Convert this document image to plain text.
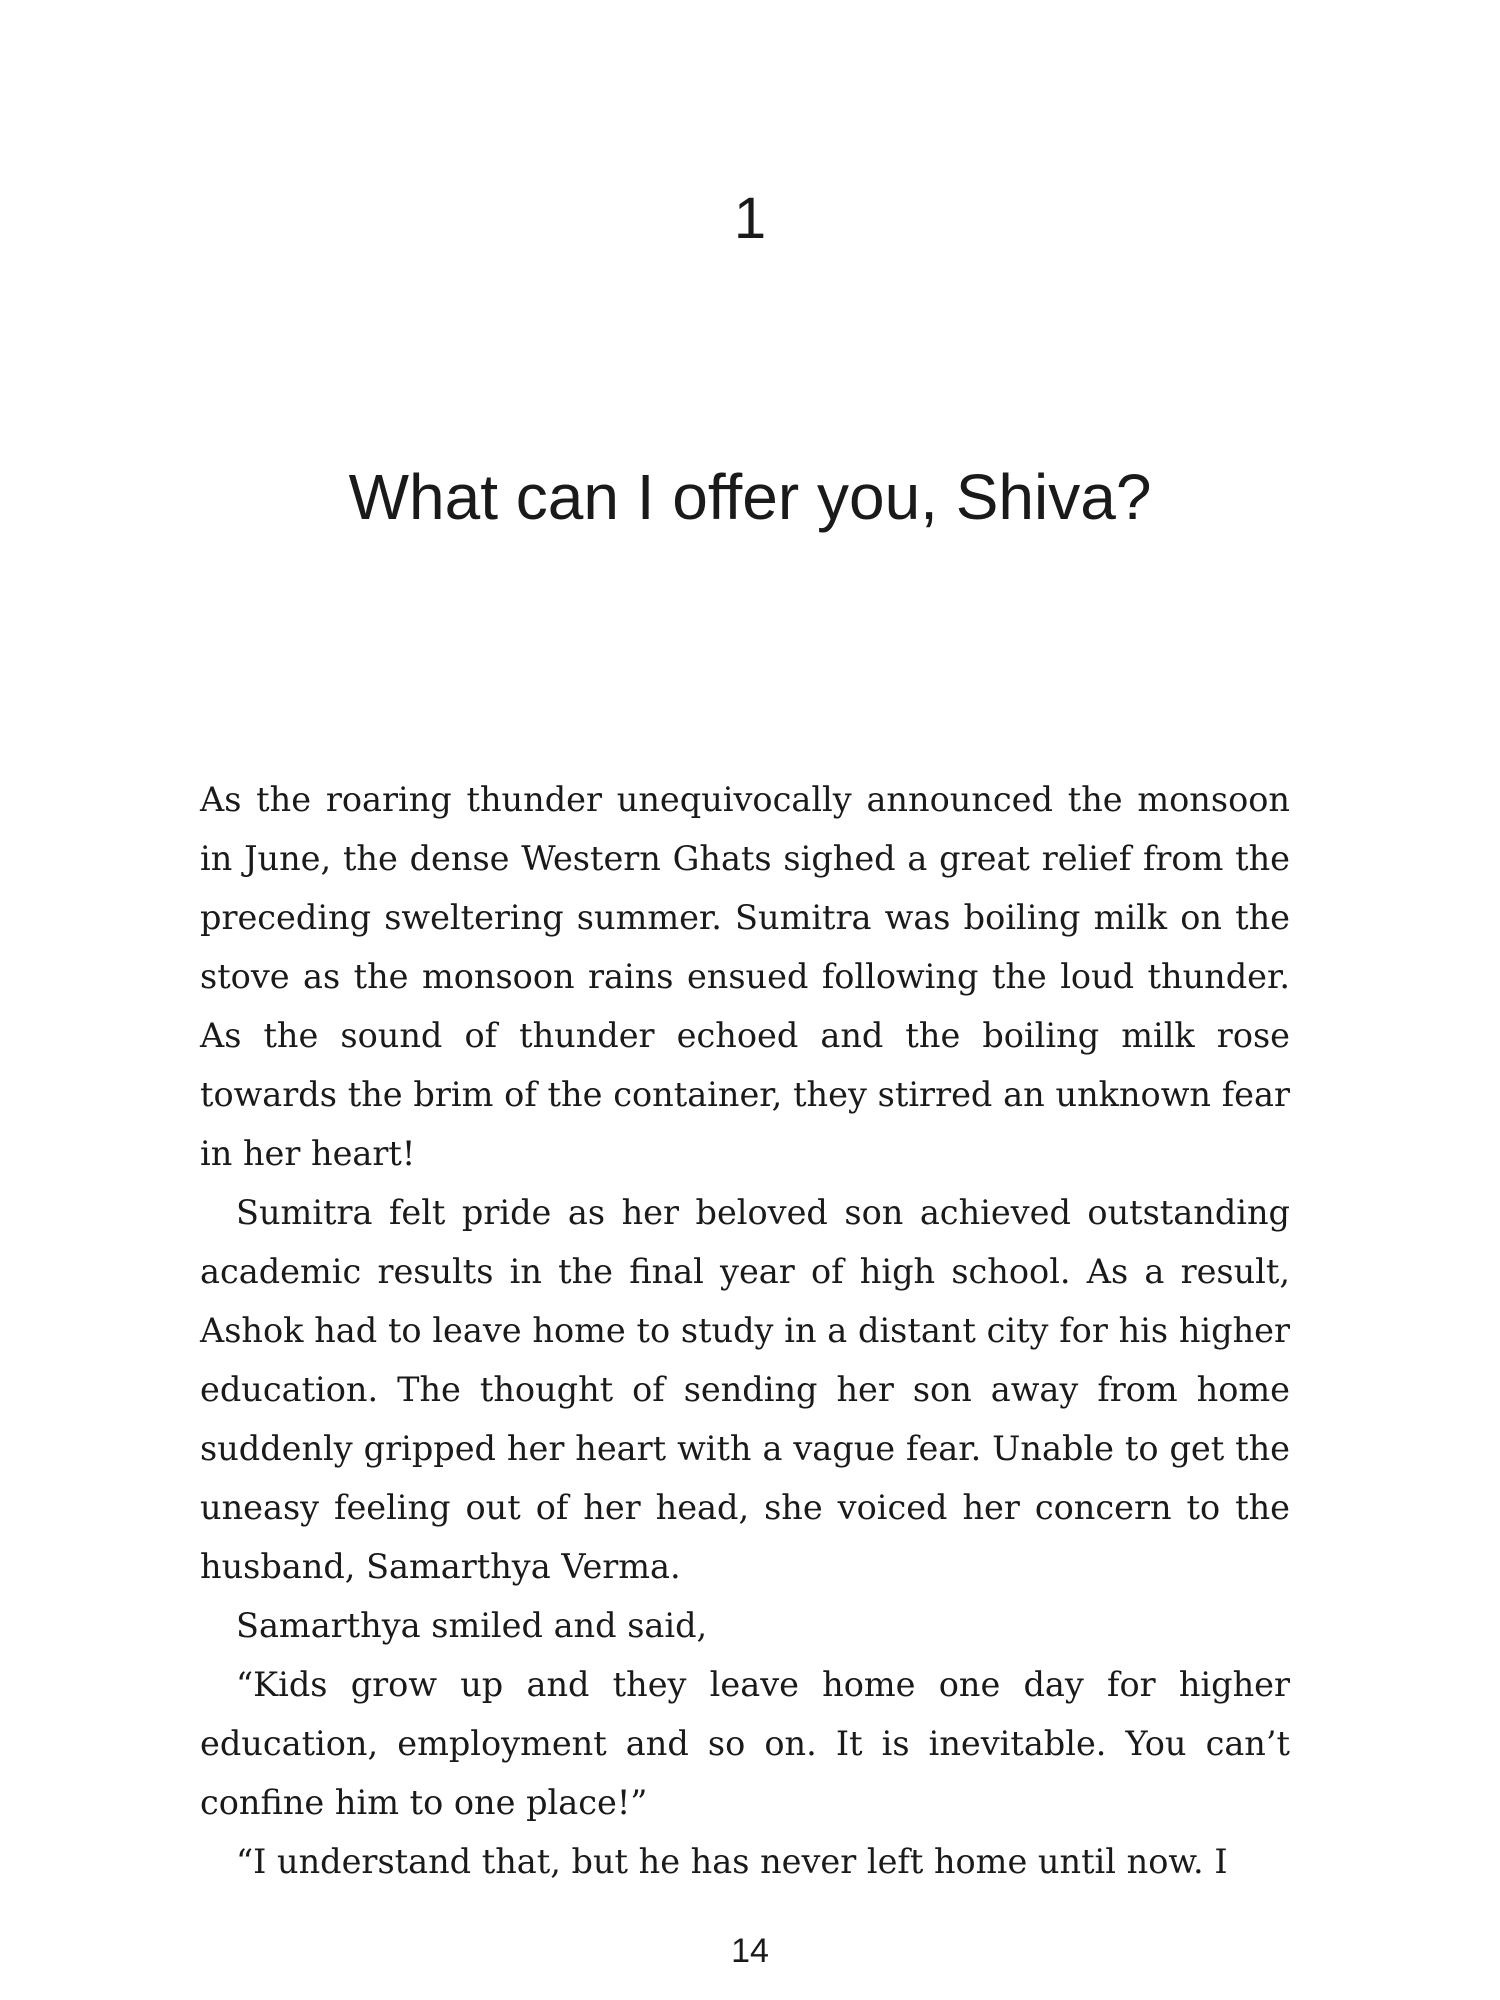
1
What can I offer you, Shiva?

As the roaring thunder unequivocally announced the monsoon in June, the dense Western Ghats sighed a great relief from the preceding sweltering summer. Sumitra was boiling milk on the stove as the monsoon rains ensued following the loud thunder. As the sound of thunder echoed and the boiling milk rose towards the brim of the container, they stirred an unknown fear in her heart!

Sumitra felt pride as her beloved son achieved outstanding academic results in the final year of high school. As a result, Ashok had to leave home to study in a distant city for his higher education. The thought of sending her son away from home suddenly gripped her heart with a vague fear. Unable to get the uneasy feeling out of her head, she voiced her concern to the husband, Samarthya Verma.

Samarthya smiled and said,

“Kids grow up and they leave home one day for higher education, employment and so on. It is inevitable. You can’t confine him to one place!”

“I understand that, but he has never left home until now. I

14
